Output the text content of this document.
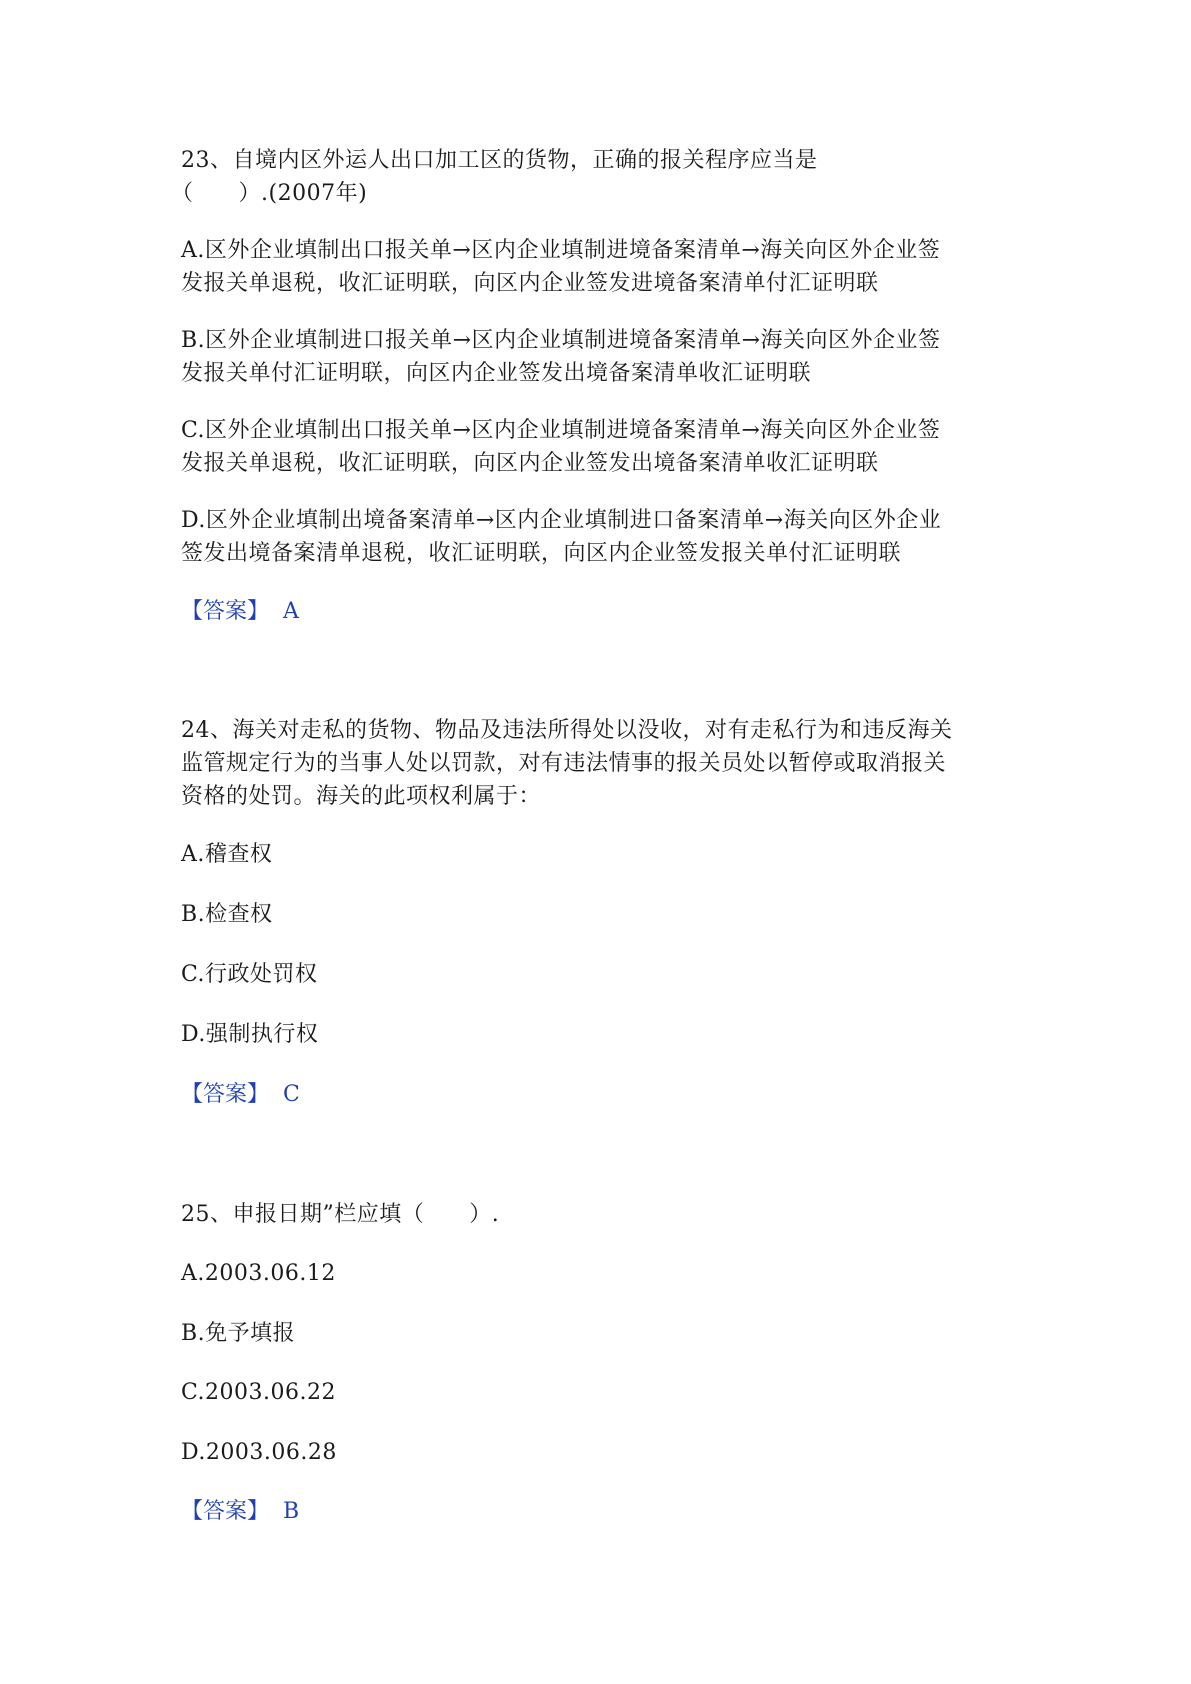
23、自境内区外运人出口加工区的货物，正确的报关程序应当是

（　　）.(2007年)

A.区外企业填制出口报关单→区内企业填制进境备案清单→海关向区外企业签

发报关单退税，收汇证明联，向区内企业签发进境备案清单付汇证明联

B.区外企业填制进口报关单→区内企业填制进境备案清单→海关向区外企业签

发报关单付汇证明联，向区内企业签发出境备案清单收汇证明联

C.区外企业填制出口报关单→区内企业填制进境备案清单→海关向区外企业签

发报关单退税，收汇证明联，向区内企业签发出境备案清单收汇证明联

D.区外企业填制出境备案清单→区内企业填制进口备案清单→海关向区外企业

签发出境备案清单退税，收汇证明联，向区内企业签发报关单付汇证明联

【答案】 A

24、海关对走私的货物、物品及违法所得处以没收，对有走私行为和违反海关

监管规定行为的当事人处以罚款，对有违法情事的报关员处以暂停或取消报关

资格的处罚。海关的此项权利属于：

A.稽查权

B.检查权

C.行政处罚权

D.强制执行权

【答案】 C

25、申报日期”栏应填（　　）.

A.2003.06.12

B.免予填报

C.2003.06.22

D.2003.06.28

【答案】 B
